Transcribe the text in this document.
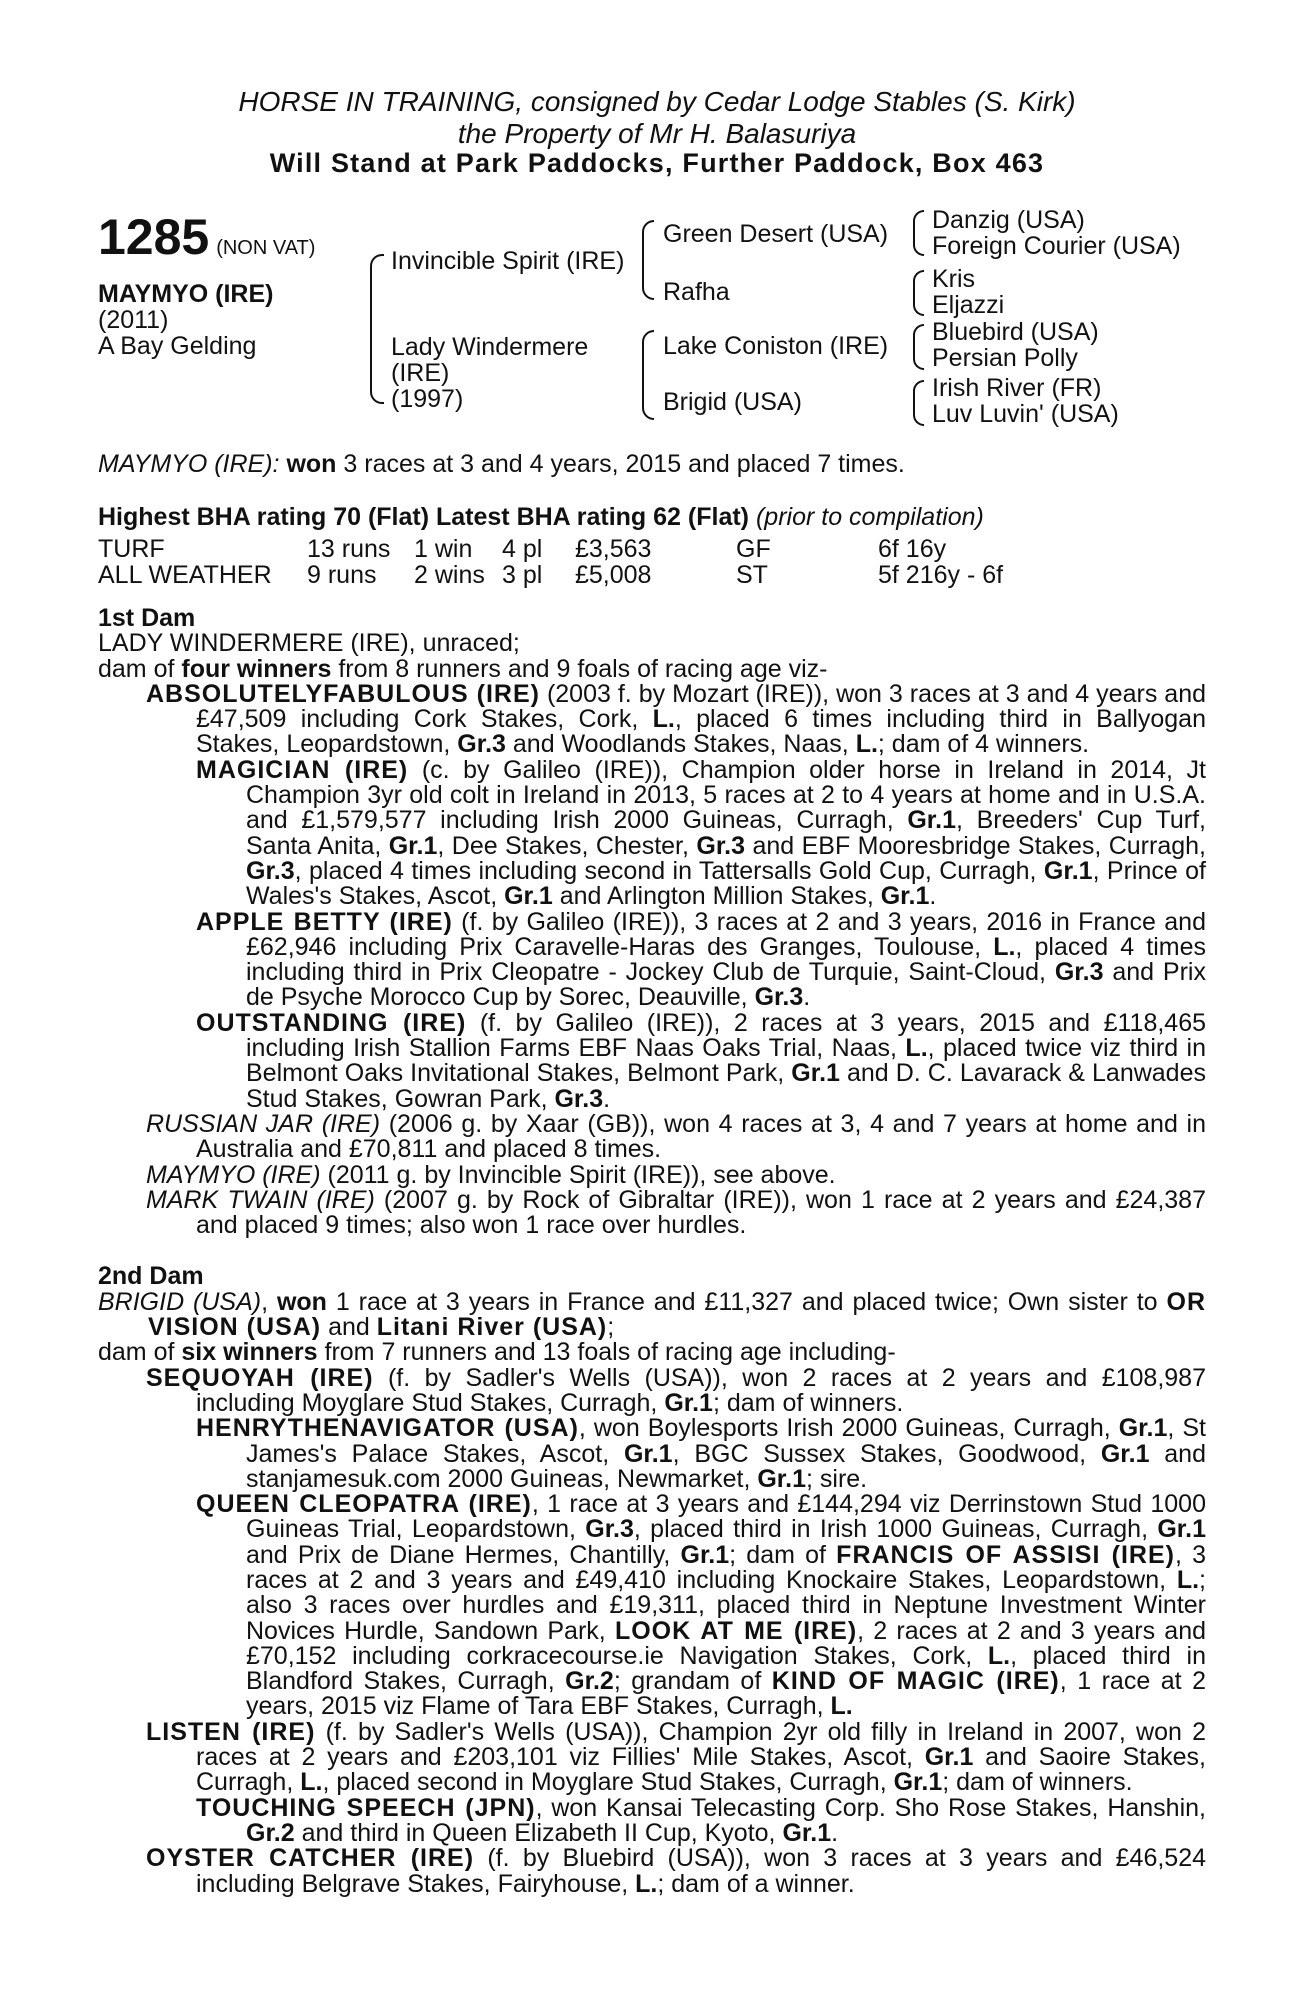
HORSE IN TRAINING, consigned by Cedar Lodge Stables (S. Kirk)
the Property of Mr H. Balasuriya
Will Stand at Park Paddocks, Further Paddock, Box 463
1285 (NON VAT)
MAYMYO (IRE)
(2011)
A Bay Gelding
Invincible Spirit (IRE)
Lady Windermere
(IRE)
(1997)
Green Desert (USA)
Rafha
Lake Coniston (IRE)
Brigid (USA)
Danzig (USA)
Foreign Courier (USA)
Kris
Eljazzi
Bluebird (USA)
Persian Polly
Irish River (FR)
Luv Luvin' (USA)
MAYMYO (IRE): won 3 races at 3 and 4 years, 2015 and placed 7 times.
Highest BHA rating 70 (Flat) Latest BHA rating 62 (Flat) (prior to compilation)
TURF	13 runs	1 win	4 pl	£3,563	GF	6f 16y
ALL WEATHER	9 runs	2 wins	3 pl	£5,008	ST	5f 216y - 6f
1st Dam

LADY WINDERMERE (IRE), unraced;

dam of four winners from 8 runners and 9 foals of racing age viz-

ABSOLUTELYFABULOUS (IRE) (2003 f. by Mozart (IRE)), won 3 races at 3 and 4 years and £47,509 including Cork Stakes, Cork, L., placed 6 times including third in Ballyogan Stakes, Leopardstown, Gr.3 and Woodlands Stakes, Naas, L.; dam of 4 winners.

MAGICIAN (IRE) (c. by Galileo (IRE)), Champion older horse in Ireland in 2014, Jt Champion 3yr old colt in Ireland in 2013, 5 races at 2 to 4 years at home and in U.S.A. and £1,579,577 including Irish 2000 Guineas, Curragh, Gr.1, Breeders' Cup Turf, Santa Anita, Gr.1, Dee Stakes, Chester, Gr.3 and EBF Mooresbridge Stakes, Curragh, Gr.3, placed 4 times including second in Tattersalls Gold Cup, Curragh, Gr.1, Prince of Wales's Stakes, Ascot, Gr.1 and Arlington Million Stakes, Gr.1.

APPLE BETTY (IRE) (f. by Galileo (IRE)), 3 races at 2 and 3 years, 2016 in France and £62,946 including Prix Caravelle-Haras des Granges, Toulouse, L., placed 4 times including third in Prix Cleopatre - Jockey Club de Turquie, Saint-Cloud, Gr.3 and Prix de Psyche Morocco Cup by Sorec, Deauville, Gr.3.

OUTSTANDING (IRE) (f. by Galileo (IRE)), 2 races at 3 years, 2015 and £118,465 including Irish Stallion Farms EBF Naas Oaks Trial, Naas, L., placed twice viz third in Belmont Oaks Invitational Stakes, Belmont Park, Gr.1 and D. C. Lavarack & Lanwades Stud Stakes, Gowran Park, Gr.3.

RUSSIAN JAR (IRE) (2006 g. by Xaar (GB)), won 4 races at 3, 4 and 7 years at home and in Australia and £70,811 and placed 8 times.

MAYMYO (IRE) (2011 g. by Invincible Spirit (IRE)), see above.

MARK TWAIN (IRE) (2007 g. by Rock of Gibraltar (IRE)), won 1 race at 2 years and £24,387 and placed 9 times; also won 1 race over hurdles.

2nd Dam

BRIGID (USA), won 1 race at 3 years in France and £11,327 and placed twice; Own sister to OR VISION (USA) and Litani River (USA);

dam of six winners from 7 runners and 13 foals of racing age including-

SEQUOYAH (IRE) (f. by Sadler's Wells (USA)), won 2 races at 2 years and £108,987 including Moyglare Stud Stakes, Curragh, Gr.1; dam of winners.

HENRYTHENAVIGATOR (USA), won Boylesports Irish 2000 Guineas, Curragh, Gr.1, St James's Palace Stakes, Ascot, Gr.1, BGC Sussex Stakes, Goodwood, Gr.1 and stanjamesuk.com 2000 Guineas, Newmarket, Gr.1; sire.

QUEEN CLEOPATRA (IRE), 1 race at 3 years and £144,294 viz Derrinstown Stud 1000 Guineas Trial, Leopardstown, Gr.3, placed third in Irish 1000 Guineas, Curragh, Gr.1 and Prix de Diane Hermes, Chantilly, Gr.1; dam of FRANCIS OF ASSISI (IRE), 3 races at 2 and 3 years and £49,410 including Knockaire Stakes, Leopardstown, L.; also 3 races over hurdles and £19,311, placed third in Neptune Investment Winter Novices Hurdle, Sandown Park, LOOK AT ME (IRE), 2 races at 2 and 3 years and £70,152 including corkracecourse.ie Navigation Stakes, Cork, L., placed third in Blandford Stakes, Curragh, Gr.2; grandam of KIND OF MAGIC (IRE), 1 race at 2 years, 2015 viz Flame of Tara EBF Stakes, Curragh, L.

LISTEN (IRE) (f. by Sadler's Wells (USA)), Champion 2yr old filly in Ireland in 2007, won 2 races at 2 years and £203,101 viz Fillies' Mile Stakes, Ascot, Gr.1 and Saoire Stakes, Curragh, L., placed second in Moyglare Stud Stakes, Curragh, Gr.1; dam of winners.

TOUCHING SPEECH (JPN), won Kansai Telecasting Corp. Sho Rose Stakes, Hanshin, Gr.2 and third in Queen Elizabeth II Cup, Kyoto, Gr.1.

OYSTER CATCHER (IRE) (f. by Bluebird (USA)), won 3 races at 3 years and £46,524 including Belgrave Stakes, Fairyhouse, L.; dam of a winner.
